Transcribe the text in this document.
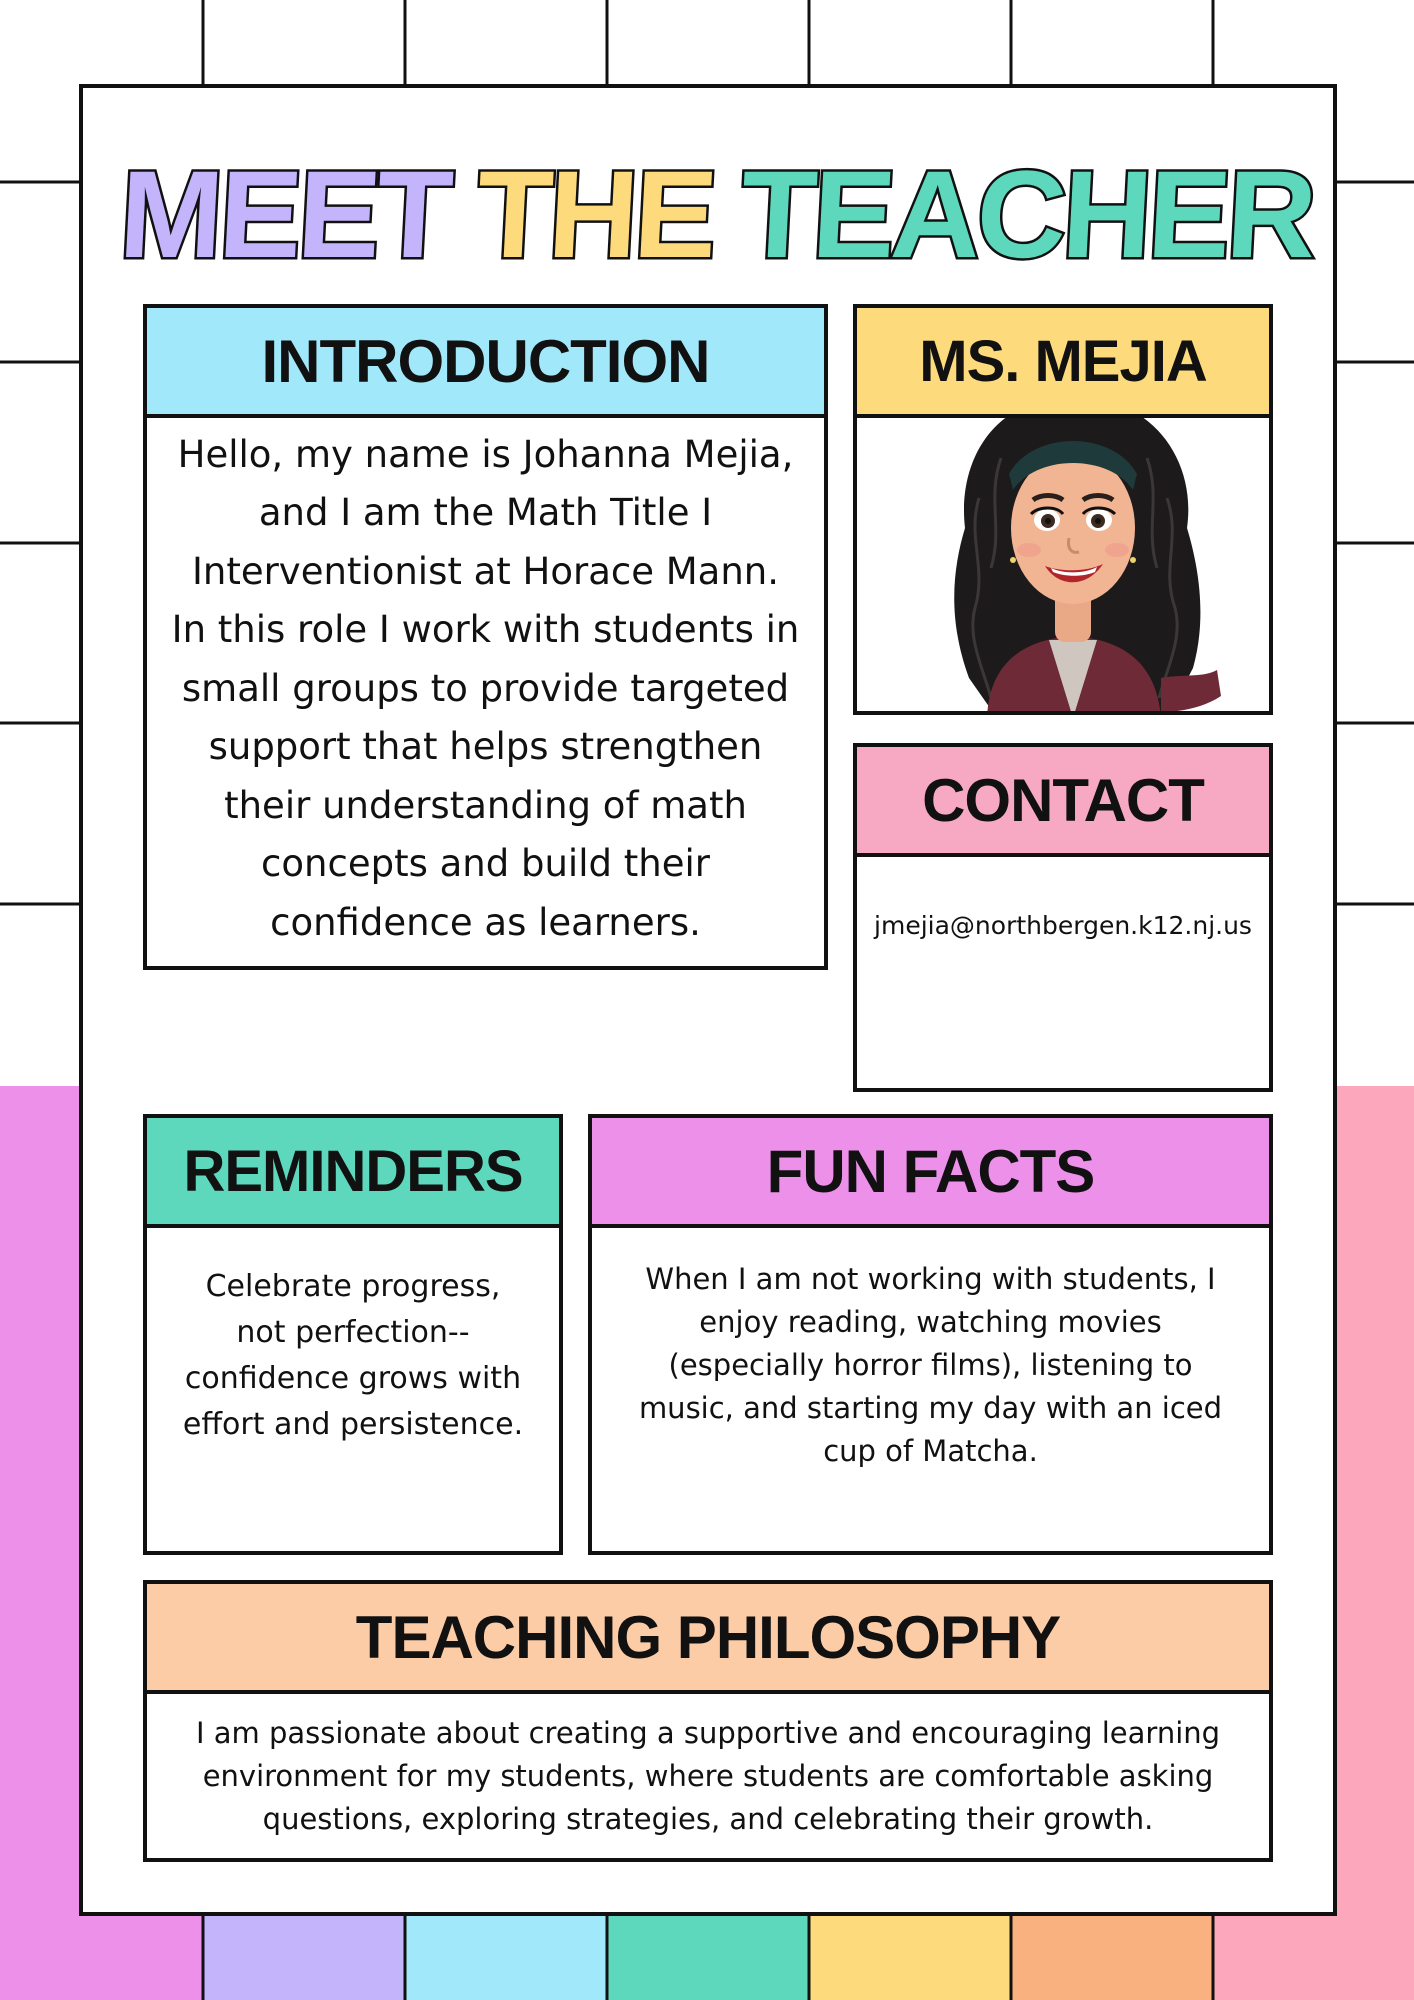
MEET THE TEACHER
INTRODUCTION
Hello, my name is Johanna Mejia, and I am the Math Title I Interventionist at Horace Mann. In this role I work with students in small groups to provide targeted support that helps strengthen their understanding of math concepts and build their confidence as learners.
MS. MEJIA
CONTACT
jmejia@northbergen.k12.nj.us
REMINDERS
Celebrate progress, not perfection--confidence grows with effort and persistence.
FUN FACTS
When I am not working with students, I enjoy reading, watching movies (especially horror films), listening to music, and starting my day with an iced cup of Matcha.
TEACHING PHILOSOPHY
I am passionate about creating a supportive and encouraging learning environment for my students, where students are comfortable asking questions, exploring strategies, and celebrating their growth.
